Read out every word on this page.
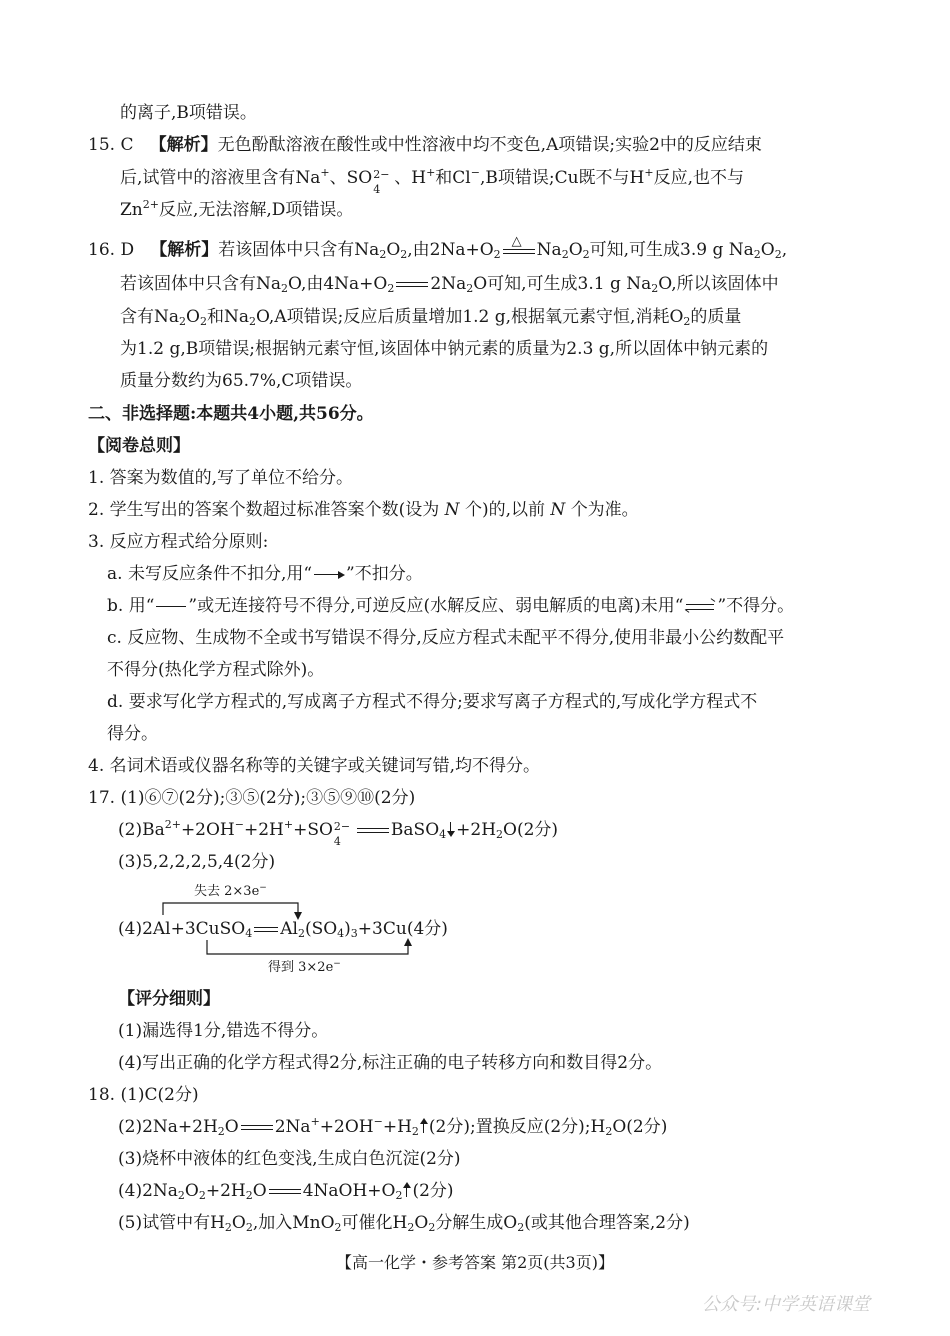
的离子,B项错误。
15. C 【解析】无色酚酞溶液在酸性或中性溶液中均不变色,A项错误;实验2中的反应结束
后,试管中的溶液里含有Na+、SO 2−
4
、H+和Cl−,B项错误;Cu既不与H+反应,也不与
$Zn^{2+}$反应,无法溶解,D项错误。
16. D 【解析】若该固体中只含有$Na_2O_2$,由$2Na+O_2$
△ $Na_2O_2$可知,可生成3.9 g $Na_2O_2$,
若该固体中只含有$Na_2O$,由$4Na+O_2$ $2Na_2O$可知,可生成3.1 g $Na_2O$,所以该固体中
含有$Na_2O_2$和$Na_2O,A$项错误;反应后质量增加1.2 g,根据氧元素守恒,消耗$O_2$的质量
为1.2 g,B项错误;根据钠元素守恒,该固体中钠元素的质量为2.3 g,所以固体中钠元素的
质量分数约为65.7%,C项错误。
二、非选择题:本题共4小题,共56分。
【阅卷总则】
1. 答案为数值的,写了单位不给分。
2. 学生写出的答案个数超过标准答案个数(设为 N 个)的,以前 N 个为准。
3. 反应方程式给分原则:
a. 未写反应条件不扣分,用“ ”不扣分。
b. 用“ ”或无连接符号不得分,可逆反应(水解反应、弱电解质的电离)未用“ ”不得分。
c. 反应物、生成物不全或书写错误不得分,反应方程式未配平不得分,使用非最小公约数配平
不得分(热化学方程式除外)。
d. 要求写化学方程式的,写成离子方程式不得分;要求写离子方程式的,写成化学方程式不
得分。
4. 名词术语或仪器名称等的关键字或关键词写错,均不得分。
17. (1)⑥⑦(2分);③⑤(2分);③⑤⑨⑩(2分)
$(2)Ba^{2+}+2OH^-+2H^++SO$ 2−
4
BaSO$_4$ $+2H_2O(2$分)
(3)5,2,2,2,5,4(2分)
失去 2×3e−
得到 3×2e−
(4)2Al+3CuSO$_4$ $Al_2(SO_4)_3+3Cu(4$分)
【评分细则】
(1)漏选得1分,错选不得分。
(4)写出正确的化学方程式得2分,标注正确的电子转移方向和数目得2分。
18. (1)C(2分)
$(2)2Na+2H_2O$ $2Na^++2OH^-+H_2$ (2分);置换反应(2分)$;H_2O(2$分)
(3)烧杯中液体的红色变浅,生成白色沉淀(2分)
$(4)2Na_2O_2+2H_2O$ $4NaOH+O_2$ (2分)
(5)试管中有$H_2O_2$,加入MnO$_2$可催化$H_2O_2$分解生成$O_2$(或其他合理答案,2分)
【高一化学・参考答案 第2页(共3页)】
公众号:中学英语课堂
